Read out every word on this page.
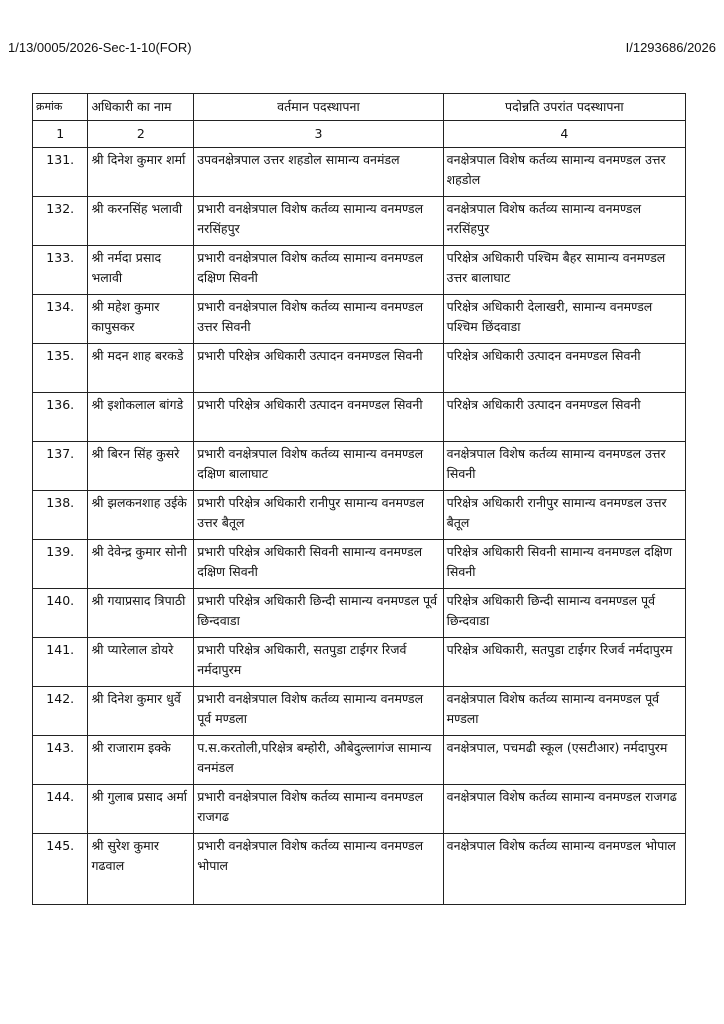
1/13/0005/2026-Sec-1-10(FOR)	I/1293686/2026
क्रमांक	अधिकारी का नाम	वर्तमान पदस्थापना	पदोन्नति उपरांत पदस्थापना
1	2	3	4
131.	श्री दिनेश कुमार शर्मा	उपवनक्षेत्रपाल उत्तर शहडोल सामान्य वनमंडल	वनक्षेत्रपाल विशेष कर्तव्य सामान्य वनमण्डल उत्तर शहडोल
132.	श्री करनसिंह भलावी	प्रभारी वनक्षेत्रपाल विशेष कर्तव्य सामान्य वनमण्डल नरसिंहपुर	वनक्षेत्रपाल विशेष कर्तव्य सामान्य वनमण्डल नरसिंहपुर
133.	श्री नर्मदा प्रसाद भलावी	प्रभारी वनक्षेत्रपाल विशेष कर्तव्य सामान्य वनमण्डल दक्षिण सिवनी	परिक्षेत्र अधिकारी पश्चिम बैहर सामान्य वनमण्डल उत्तर बालाघाट
134.	श्री महेश कुमार कापुसकर	प्रभारी वनक्षेत्रपाल विशेष कर्तव्य सामान्य वनमण्डल उत्तर सिवनी	परिक्षेत्र अधिकारी देलाखरी, सामान्य वनमण्डल पश्चिम छिंदवाडा
135.	श्री मदन शाह बरकडे	प्रभारी परिक्षेत्र अधिकारी उत्पादन वनमण्डल सिवनी	परिक्षेत्र अधिकारी उत्पादन वनमण्डल सिवनी
136.	श्री इशोकलाल बांगडे	प्रभारी परिक्षेत्र अधिकारी उत्पादन वनमण्डल सिवनी	परिक्षेत्र अधिकारी उत्पादन वनमण्डल सिवनी
137.	श्री बिरन सिंह कुसरे	प्रभारी वनक्षेत्रपाल विशेष कर्तव्य सामान्य वनमण्डल दक्षिण बालाघाट	वनक्षेत्रपाल विशेष कर्तव्य सामान्य वनमण्डल उत्तर सिवनी
138.	श्री झलकनशाह उईके	प्रभारी परिक्षेत्र अधिकारी रानीपुर सामान्य वनमण्डल उत्तर बैतूल	परिक्षेत्र अधिकारी रानीपुर सामान्य वनमण्डल उत्तर बैतूल
139.	श्री देवेन्द्र कुमार सोनी	प्रभारी परिक्षेत्र अधिकारी सिवनी सामान्य वनमण्डल दक्षिण सिवनी	परिक्षेत्र अधिकारी सिवनी सामान्य वनमण्डल दक्षिण सिवनी
140.	श्री गयाप्रसाद त्रिपाठी	प्रभारी परिक्षेत्र अधिकारी छिन्दी सामान्य वनमण्डल पूर्व छिन्दवाडा	परिक्षेत्र अधिकारी छिन्दी सामान्य वनमण्डल पूर्व छिन्दवाडा
141.	श्री प्यारेलाल डोयरे	प्रभारी परिक्षेत्र अधिकारी, सतपुडा टाईगर रिजर्व नर्मदापुरम	परिक्षेत्र अधिकारी, सतपुडा टाईगर रिजर्व नर्मदापुरम
142.	श्री दिनेश कुमार धुर्वे	प्रभारी वनक्षेत्रपाल विशेष कर्तव्य सामान्य वनमण्डल पूर्व मण्डला	वनक्षेत्रपाल विशेष कर्तव्य सामान्य वनमण्डल पूर्व मण्डला
143.	श्री राजाराम इक्के	प.स.करतोली,परिक्षेत्र बम्होरी, औबेदुल्लागंज सामान्य वनमंडल	वनक्षेत्रपाल, पचमढी स्कूल (एसटीआर) नर्मदापुरम
144.	श्री गुलाब प्रसाद अर्मा	प्रभारी वनक्षेत्रपाल विशेष कर्तव्य सामान्य वनमण्डल राजगढ	वनक्षेत्रपाल विशेष कर्तव्य सामान्य वनमण्डल राजगढ
145.	श्री सुरेश कुमार गढवाल	प्रभारी वनक्षेत्रपाल विशेष कर्तव्य सामान्य वनमण्डल भोपाल	वनक्षेत्रपाल विशेष कर्तव्य सामान्य वनमण्डल भोपाल
